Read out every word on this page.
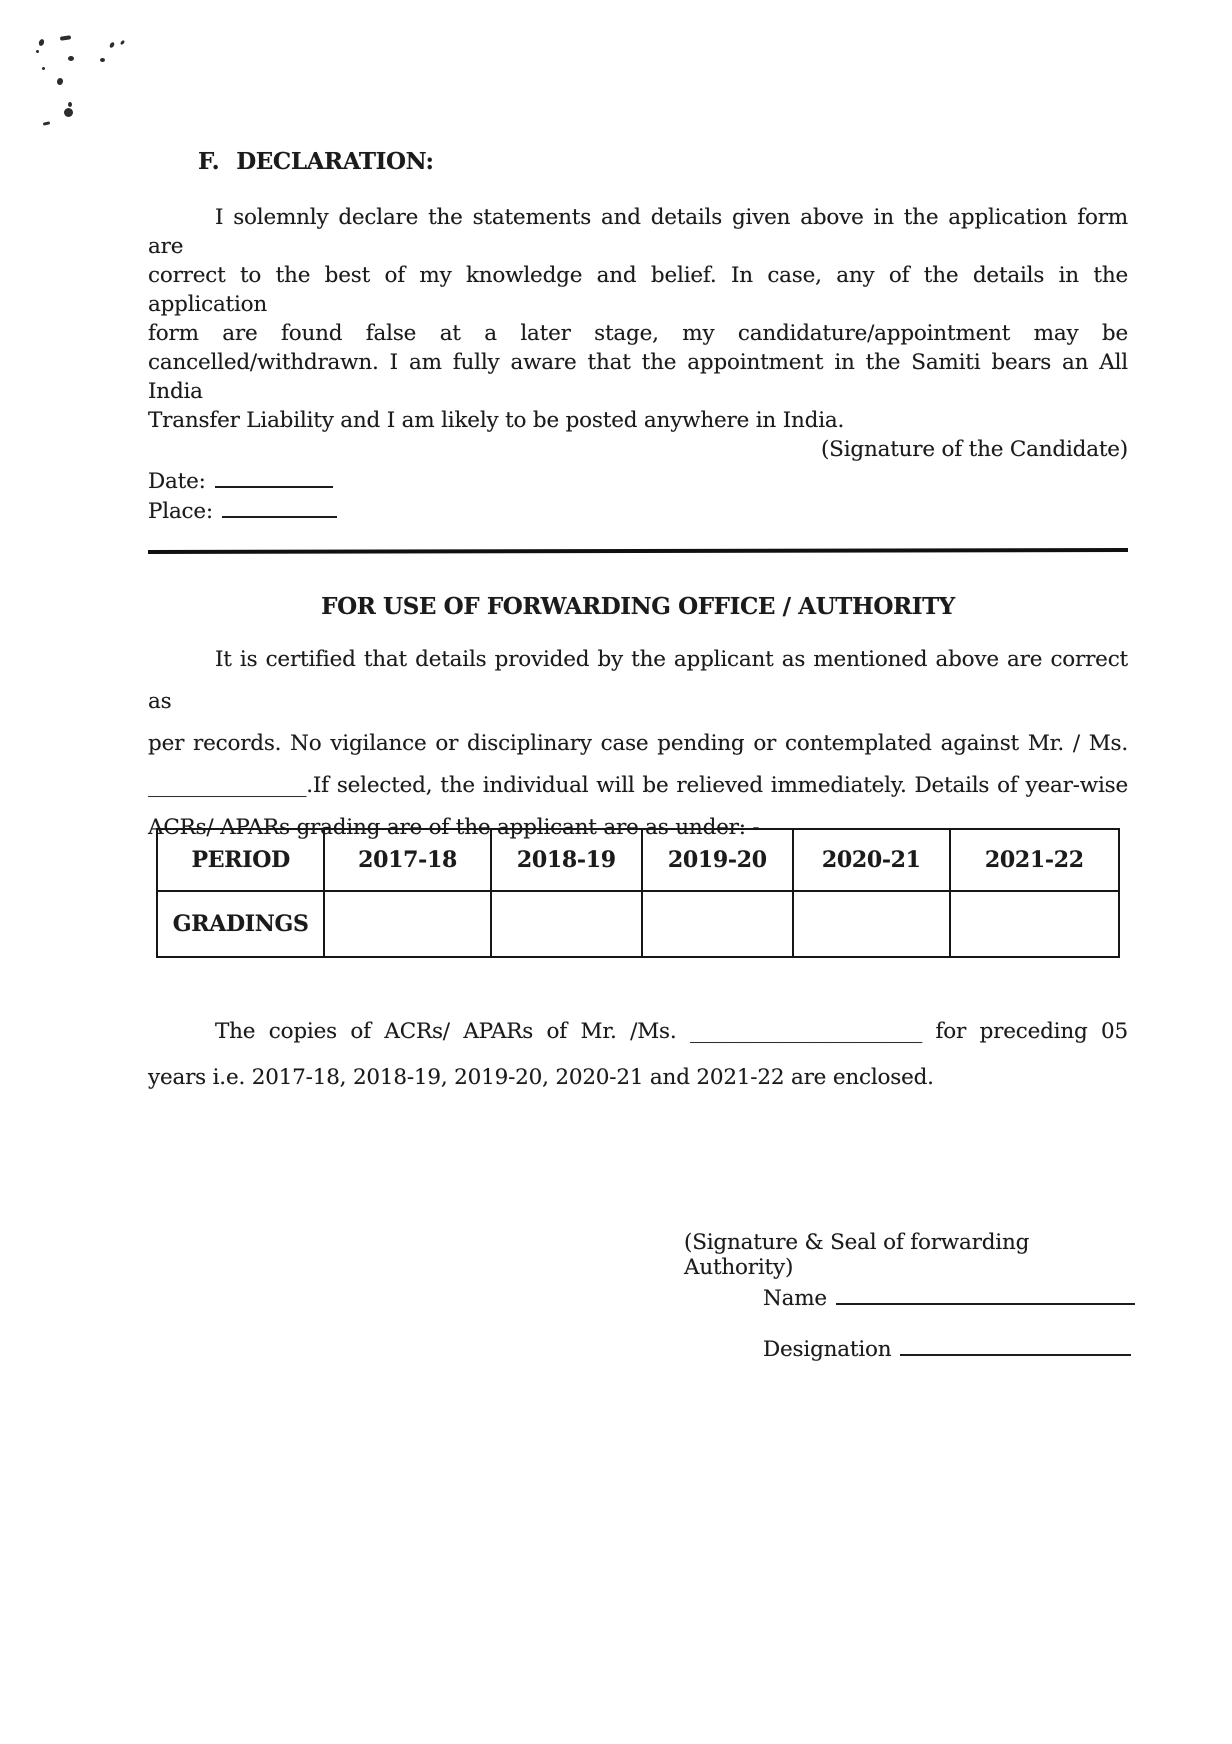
F. DECLARATION:
I solemnly declare the statements and details given above in the application form are
correct to the best of my knowledge and belief. In case, any of the details in the application
form are found false at a later stage, my candidature/appointment may be
cancelled/withdrawn. I am fully aware that the appointment in the Samiti bears an All India
Transfer Liability and I am likely to be posted anywhere in India.
(Signature of the Candidate)
Date:
Place:
FOR USE OF FORWARDING OFFICE / AUTHORITY
It is certified that details provided by the applicant as mentioned above are correct as
per records. No vigilance or disciplinary case pending or contemplated against Mr. / Ms.
_______________.If selected, the individual will be relieved immediately. Details of year-wise
ACRs/ APARs grading are of the applicant are as under: -
PERIOD	2017-18	2018-19	2019-20	2020-21	2021-22
GRADINGS					
The copies of ACRs/ APARs of Mr. /Ms. ______________________ for preceding 05
years i.e. 2017-18, 2018-19, 2019-20, 2020-21 and 2021-22 are enclosed.
(Signature & Seal of forwarding Authority)
Name
Designation
